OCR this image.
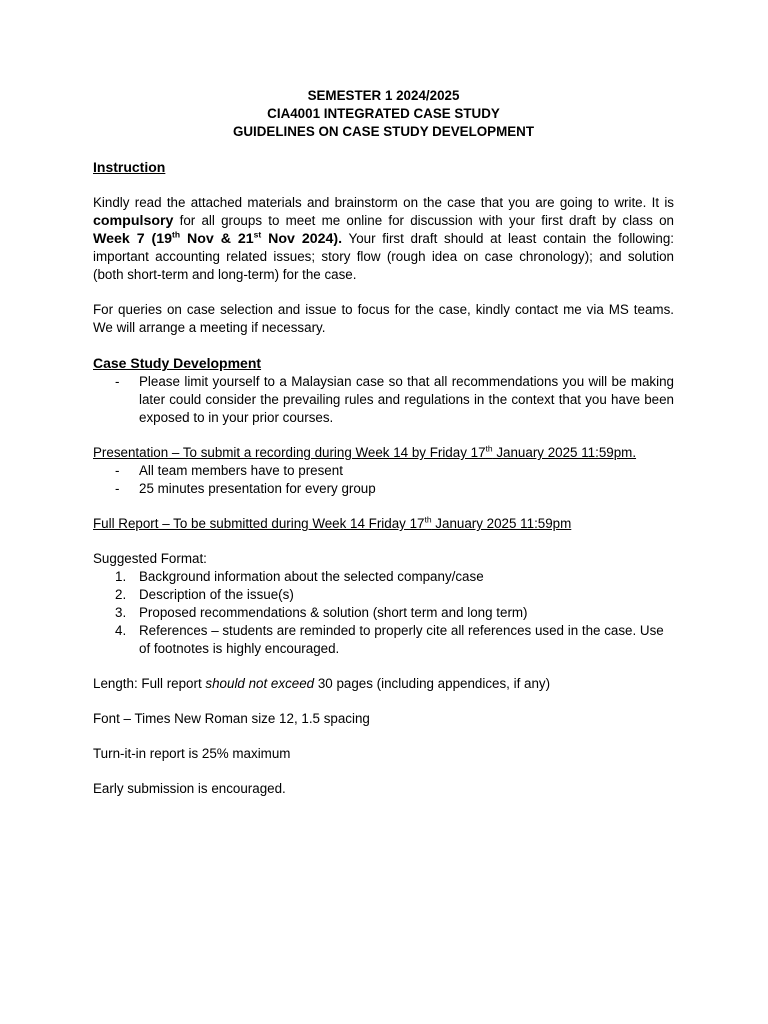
SEMESTER 1 2024/2025
CIA4001 INTEGRATED CASE STUDY
GUIDELINES ON CASE STUDY DEVELOPMENT
Instruction
Kindly read the attached materials and brainstorm on the case that you are going to write. It is compulsory for all groups to meet me online for discussion with your first draft by class on Week 7 (19th Nov & 21st Nov 2024). Your first draft should at least contain the following: important accounting related issues; story flow (rough idea on case chronology); and solution (both short-term and long-term) for the case.
For queries on case selection and issue to focus for the case, kindly contact me via MS teams. We will arrange a meeting if necessary.
Case Study Development
- Please limit yourself to a Malaysian case so that all recommendations you will be making later could consider the prevailing rules and regulations in the context that you have been exposed to in your prior courses.
Presentation – To submit a recording during Week 14 by Friday 17th January 2025 11:59pm.
- All team members have to present
- 25 minutes presentation for every group
Full Report – To be submitted during Week 14 Friday 17th January 2025 11:59pm
Suggested Format:
1. Background information about the selected company/case
2. Description of the issue(s)
3. Proposed recommendations & solution (short term and long term)
4. References – students are reminded to properly cite all references used in the case. Use of footnotes is highly encouraged.
Length: Full report should not exceed 30 pages (including appendices, if any)
Font – Times New Roman size 12, 1.5 spacing
Turn-it-in report is 25% maximum
Early submission is encouraged.
